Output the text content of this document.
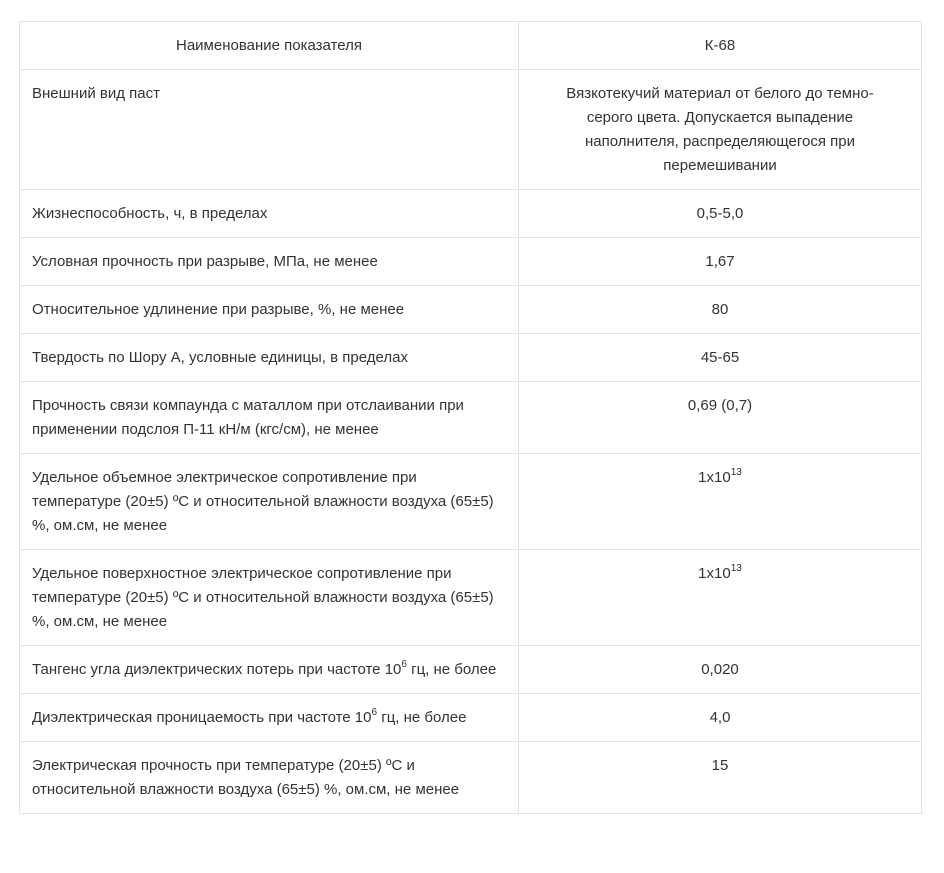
Наименование показателя	К-68
Внешний вид паст	Вязкотекучий материал от белого до темно-серого цвета. Допускается выпадение наполнителя, распределяющегося при перемешивании
Жизнеспособность, ч, в пределах	0,5-5,0
Условная прочность при разрыве, МПа, не менее	1,67
Относительное удлинение при разрыве, %, не менее	80
Твердость по Шору А, условные единицы, в пределах	45-65
Прочность связи компаунда с маталлом при отслаивании при применении подслоя П-11 кН/м (кгс/см), не менее	0,69 (0,7)
Удельное объемное электрическое сопротивление при температуре (20±5) ºС и относительной влажности воздуха (65±5) %, ом.см, не менее	$1x10^{13}$
Удельное поверхностное электрическое сопротивление при температуре (20±5) ºС и относительной влажности воздуха (65±5) %, ом.см, не менее	$1x10^{13}$
Тангенс угла диэлектрических потерь при частоте $10^6$ гц, не более	0,020
Диэлектрическая проницаемость при частоте $10^6$ гц, не более	4,0
Электрическая прочность при температуре (20±5) ºС и относительной влажности воздуха (65±5) %, ом.см, не менее	15
